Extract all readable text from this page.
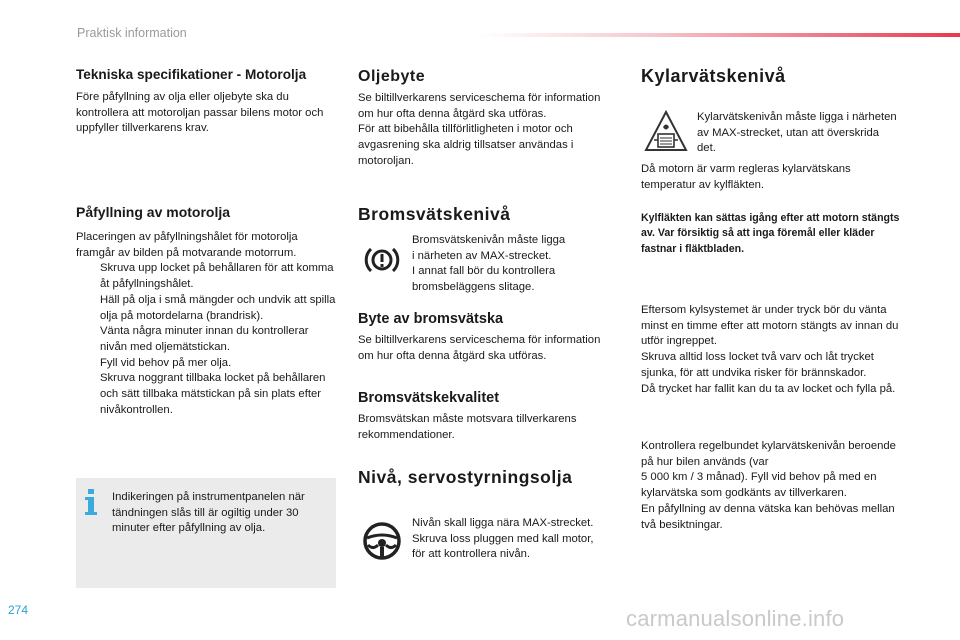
Praktisk information
Tekniska specifikationer - Motorolja

Före påfyllning av olja eller oljebyte ska du kontrollera att motoroljan passar bilens motor och uppfyller tillverkarens krav.

Påfyllning av motorolja

Placeringen av påfyllningshålet för motorolja framgår av bilden på motvarande motorrum.

Skruva upp locket på behållaren för att komma åt påfyllningshålet.
Häll på olja i små mängder och undvik att spilla olja på motordelarna (brandrisk).
Vänta några minuter innan du kontrollerar nivån med oljemätstickan.
Fyll vid behov på mer olja.
Skruva noggrant tillbaka locket på behållaren och sätt tillbaka mätstickan på sin plats efter nivåkontrollen.
Indikeringen på instrumentpanelen när tändningen slås till är ogiltig under 30 minuter efter påfyllning av olja.
Oljebyte

Se biltillverkarens serviceschema för information om hur ofta denna åtgärd ska utföras.

För att bibehålla tillförlitligheten i motor och avgasrening ska aldrig tillsatser användas i motoroljan.

Bromsvätskenivå
Bromsvätskenivån måste ligga
i närheten av MAX-strecket.
I annat fall bör du kontrollera
bromsbeläggens slitage.
Byte av bromsvätska

Se biltillverkarens serviceschema för information om hur ofta denna åtgärd ska utföras.

Bromsvätskekvalitet

Bromsvätskan måste motsvara tillverkarens rekommendationer.

Nivå, servostyrningsolja
Nivån skall ligga nära MAX-strecket.
Skruva loss pluggen med kall motor,
för att kontrollera nivån.
Kylarvätskenivå
Kylarvätskenivån måste ligga i närheten av MAX-strecket, utan att överskrida det.
Då motorn är varm regleras kylarvätskans temperatur av kylfläkten.
Kylfläkten kan sättas igång efter att motorn stängts av. Var försiktig så att inga föremål eller kläder fastnar i fläktbladen.

Eftersom kylsystemet är under tryck bör du vänta minst en timme efter att motorn stängts av innan du utför ingreppet.

Skruva alltid loss locket två varv och låt trycket sjunka, för att undvika risker för brännskador.

Då trycket har fallit kan du ta av locket och fylla på.

Kontrollera regelbundet kylarvätskenivån beroende på hur bilen används (var

5 000 km / 3 månad). Fyll vid behov på med en kylarvätska som godkänts av tillverkaren.

En påfyllning av denna vätska kan behövas mellan två besiktningar.

274	carmanualsonline.info
